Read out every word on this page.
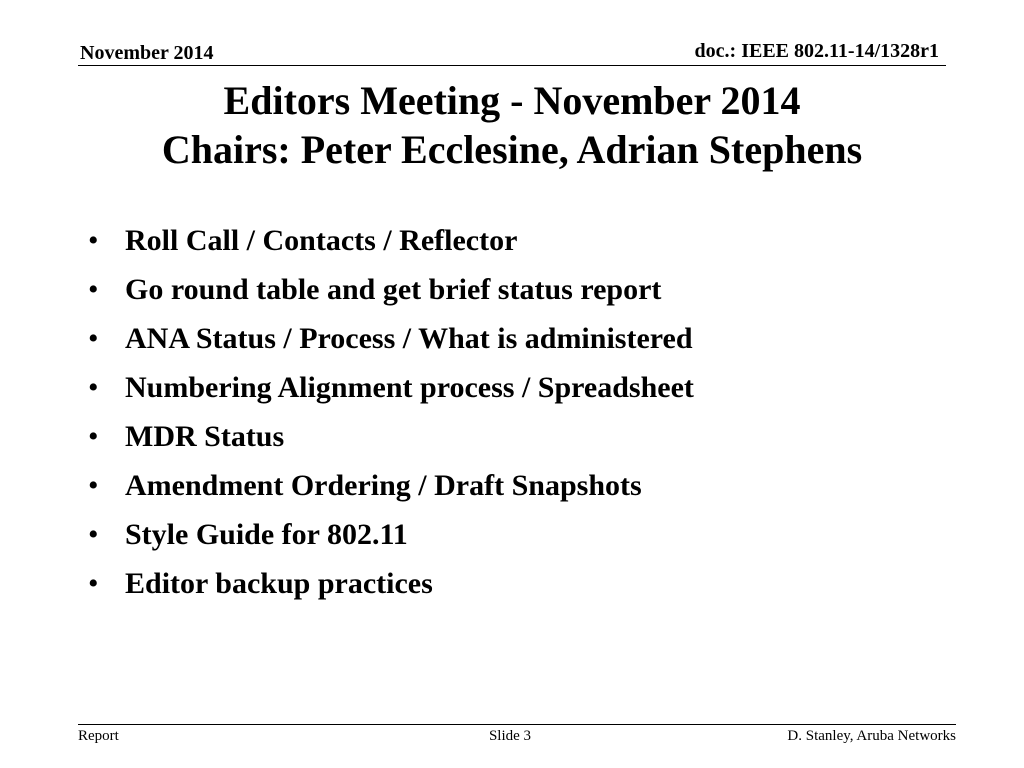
November 2014	doc.: IEEE 802.11-14/1328r1
Editors Meeting - November 2014
Chairs: Peter Ecclesine, Adrian Stephens
• Roll Call / Contacts / Reflector
• Go round table and get brief status report
• ANA Status / Process / What is administered
• Numbering Alignment process / Spreadsheet
• MDR Status
• Amendment Ordering / Draft Snapshots
• Style Guide for 802.11
• Editor backup practices
Report	Slide 3	D. Stanley, Aruba Networks
